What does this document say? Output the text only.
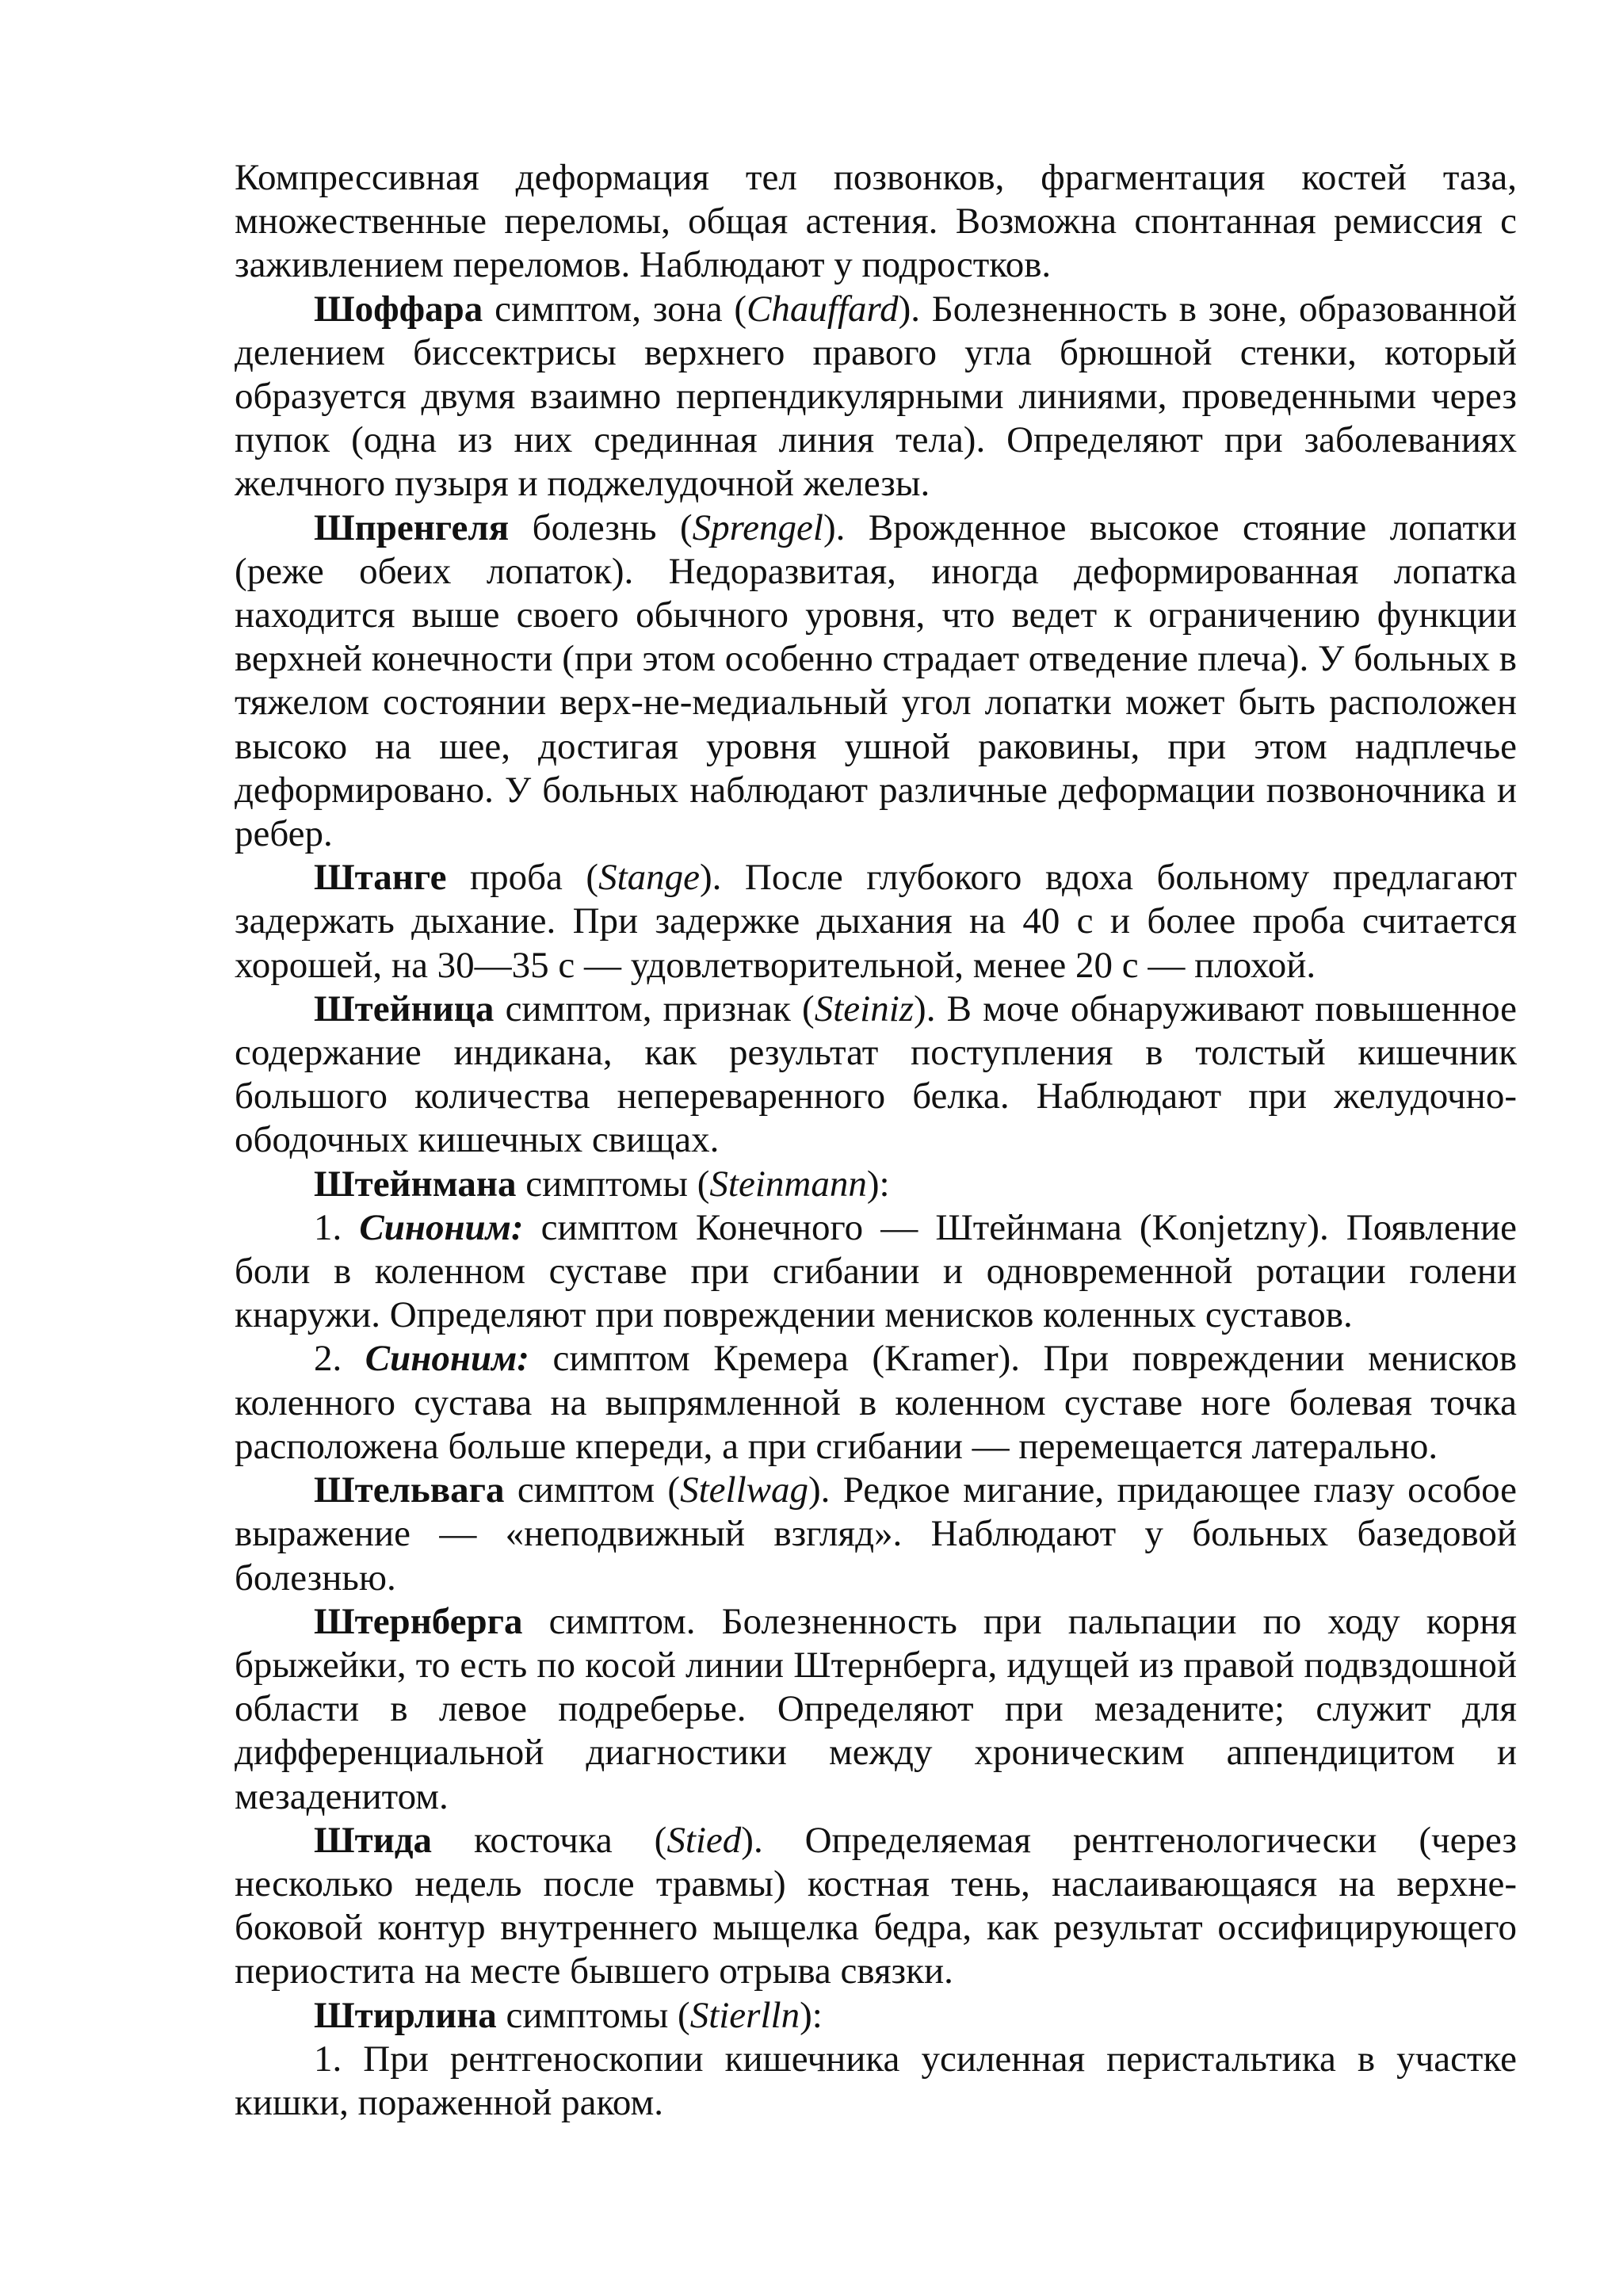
Компрессивная деформация тел позвонков, фрагментация костей таза, множественные переломы, общая астения. Возможна спонтанная ремиссия с заживлением переломов. Наблюдают у подростков.

Шоффара симптом, зона (Chauffard). Болезненность в зоне, образованной делением биссектрисы верхнего правого угла брюшной стенки, который образуется двумя взаимно перпендикулярными линиями, проведенными через пупок (одна из них срединная линия тела). Определяют при заболеваниях желчного пузыря и поджелудочной железы.

Шпренгеля болезнь (Sprengel). Врожденное высокое стояние лопатки (реже обеих лопаток). Недоразвитая, иногда деформированная лопатка находится выше своего обычного уровня, что ведет к ограничению функции верхней конечности (при этом особенно страдает отведение плеча). У больных в тяжелом состоянии верх-не-медиальный угол лопатки может быть расположен высоко на шее, достигая уровня ушной раковины, при этом надплечье деформировано. У больных наблюдают различные деформации позвоночника и ребер.

Штанге проба (Stange). После глубокого вдоха больному предлагают задержать дыхание. При задержке дыхания на 40 с и более проба считается хорошей, на 30—35 с — удовлетворительной, менее 20 с — плохой.

Штейница симптом, признак (Steiniz). В моче обнаруживают повышенное содержание индикана, как результат поступления в толстый кишечник большого количества непереваренного белка. Наблюдают при желудочно-ободочных кишечных свищах.

Штейнмана симптомы (Steinmann):

1. Синоним: симптом Конечного — Штейнмана (Konjetzny). Появление боли в коленном суставе при сгибании и одновременной ротации голени кнаружи. Определяют при повреждении менисков коленных суставов.

2. Синоним: симптом Кремера (Kramer). При повреждении менисков коленного сустава на выпрямленной в коленном суставе ноге болевая точка расположена больше кпереди, а при сгибании — перемещается латерально.

Штельвага симптом (Stellwag). Редкое мигание, придающее глазу особое выражение — «неподвижный взгляд». Наблюдают у больных базедовой болезнью.

Штернберга симптом. Болезненность при пальпации по ходу корня брыжейки, то есть по косой линии Штернберга, идущей из правой подвздошной области в левое подреберье. Определяют при мезадените; служит для дифференциальной диагностики между хроническим аппендицитом и мезаденитом.

Штида косточка (Stied). Определяемая рентгенологически (через несколько недель после травмы) костная тень, наслаивающаяся на верхне-боковой контур внутреннего мыщелка бедра, как результат оссифицирующего периостита на месте бывшего отрыва связки.

Штирлина симптомы (Stierlln):

1. При рентгеноскопии кишечника усиленная перистальтика в участке кишки, пораженной раком.
